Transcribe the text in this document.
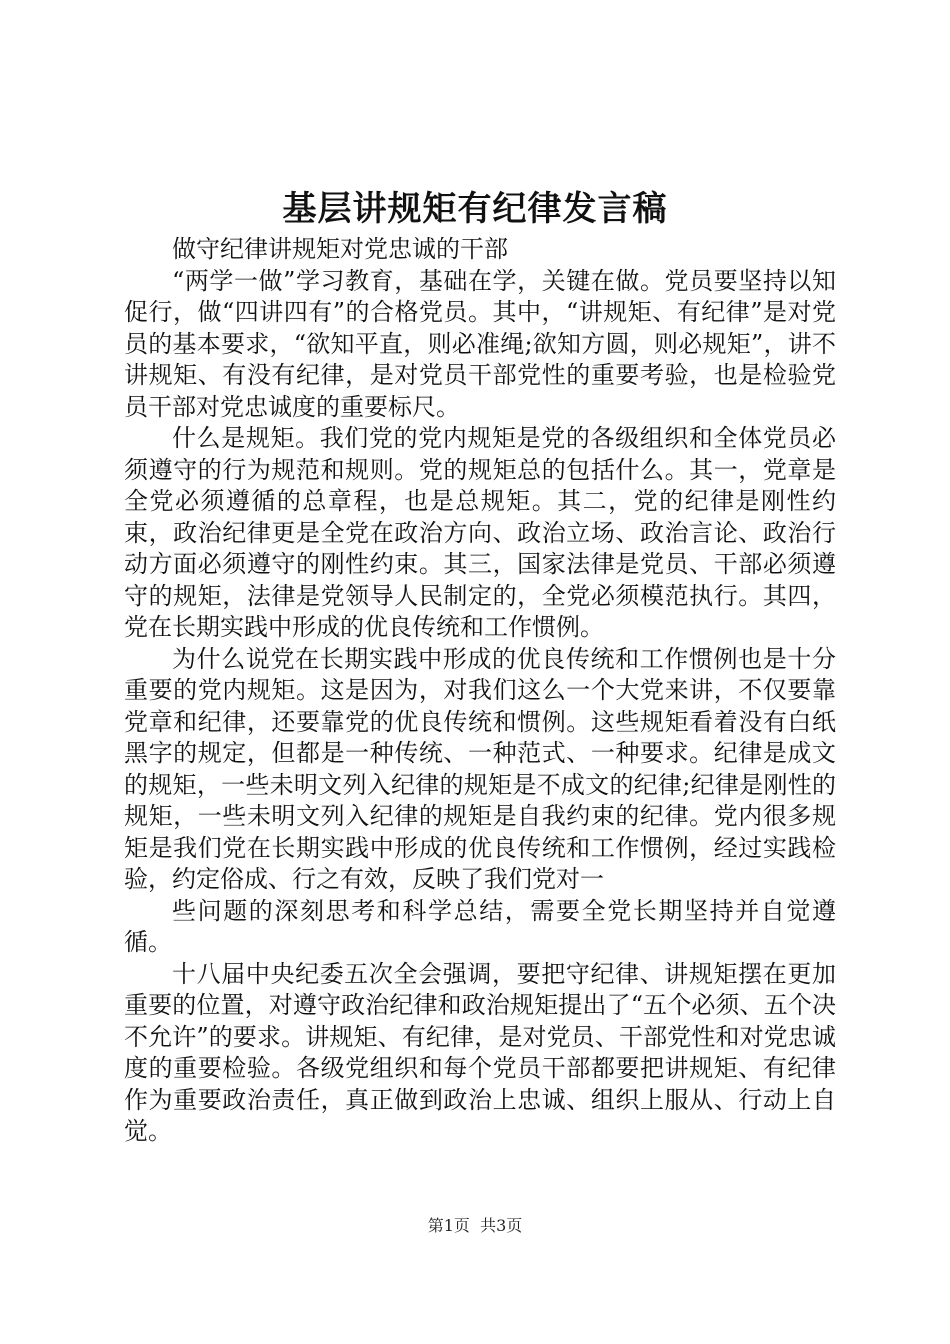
基层讲规矩有纪律发言稿

做守纪律讲规矩对党忠诚的干部

“两学一做”学习教育，基础在学，关键在做。党员要坚持以知促行，做“四讲四有”的合格党员。其中，“讲规矩、有纪律”是对党员的基本要求，“欲知平直，则必准绳;欲知方圆，则必规矩”，讲不讲规矩、有没有纪律，是对党员干部党性的重要考验，也是检验党员干部对党忠诚度的重要标尺。

什么是规矩。我们党的党内规矩是党的各级组织和全体党员必须遵守的行为规范和规则。党的规矩总的包括什么。其一，党章是全党必须遵循的总章程，也是总规矩。其二，党的纪律是刚性约束，政治纪律更是全党在政治方向、政治立场、政治言论、政治行动方面必须遵守的刚性约束。其三，国家法律是党员、干部必须遵守的规矩，法律是党领导人民制定的，全党必须模范执行。其四，党在长期实践中形成的优良传统和工作惯例。

为什么说党在长期实践中形成的优良传统和工作惯例也是十分重要的党内规矩。这是因为，对我们这么一个大党来讲，不仅要靠党章和纪律，还要靠党的优良传统和惯例。这些规矩看着没有白纸黑字的规定，但都是一种传统、一种范式、一种要求。纪律是成文的规矩，一些未明文列入纪律的规矩是不成文的纪律;纪律是刚性的规矩，一些未明文列入纪律的规矩是自我约束的纪律。党内很多规矩是我们党在长期实践中形成的优良传统和工作惯例，经过实践检验，约定俗成、行之有效，反映了我们党对一

些问题的深刻思考和科学总结，需要全党长期坚持并自觉遵循。

十八届中央纪委五次全会强调，要把守纪律、讲规矩摆在更加重要的位置，对遵守政治纪律和政治规矩提出了“五个必须、五个决不允许”的要求。讲规矩、有纪律，是对党员、干部党性和对党忠诚度的重要检验。各级党组织和每个党员干部都要把讲规矩、有纪律作为重要政治责任，真正做到政治上忠诚、组织上服从、行动上自觉。

第1页 共3页
